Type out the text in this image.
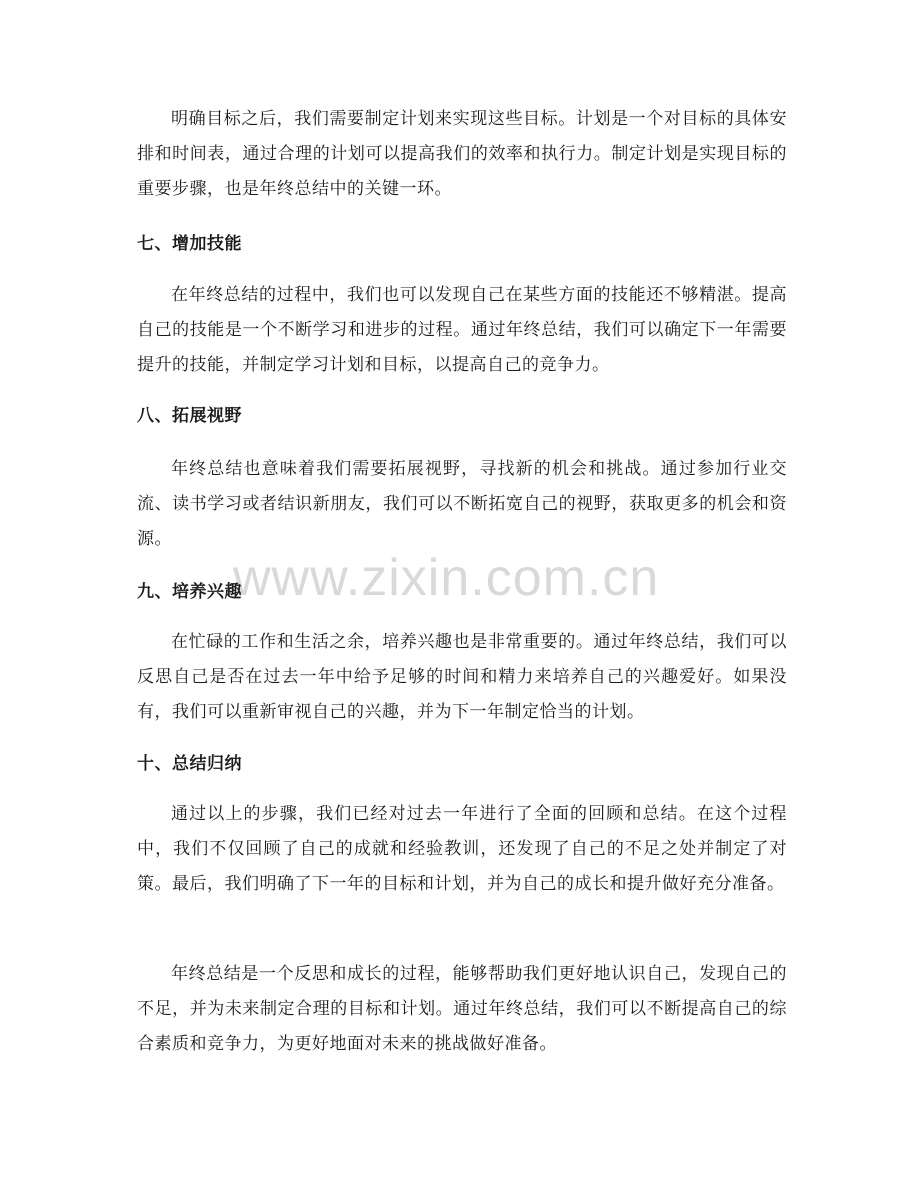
明确目标之后，我们需要制定计划来实现这些目标。计划是一个对目标的具体安排和时间表，通过合理的计划可以提高我们的效率和执行力。制定计划是实现目标的重要步骤，也是年终总结中的关键一环。

七、增加技能

在年终总结的过程中，我们也可以发现自己在某些方面的技能还不够精湛。提高自己的技能是一个不断学习和进步的过程。通过年终总结，我们可以确定下一年需要提升的技能，并制定学习计划和目标，以提高自己的竞争力。

八、拓展视野

年终总结也意味着我们需要拓展视野，寻找新的机会和挑战。通过参加行业交流、读书学习或者结识新朋友，我们可以不断拓宽自己的视野，获取更多的机会和资源。

www.zixin.com.cn
九、培养兴趣

在忙碌的工作和生活之余，培养兴趣也是非常重要的。通过年终总结，我们可以反思自己是否在过去一年中给予足够的时间和精力来培养自己的兴趣爱好。如果没有，我们可以重新审视自己的兴趣，并为下一年制定恰当的计划。

十、总结归纳

通过以上的步骤，我们已经对过去一年进行了全面的回顾和总结。在这个过程中，我们不仅回顾了自己的成就和经验教训，还发现了自己的不足之处并制定了对策。最后，我们明确了下一年的目标和计划，并为自己的成长和提升做好充分准备。

年终总结是一个反思和成长的过程，能够帮助我们更好地认识自己，发现自己的不足，并为未来制定合理的目标和计划。通过年终总结，我们可以不断提高自己的综合素质和竞争力，为更好地面对未来的挑战做好准备。
